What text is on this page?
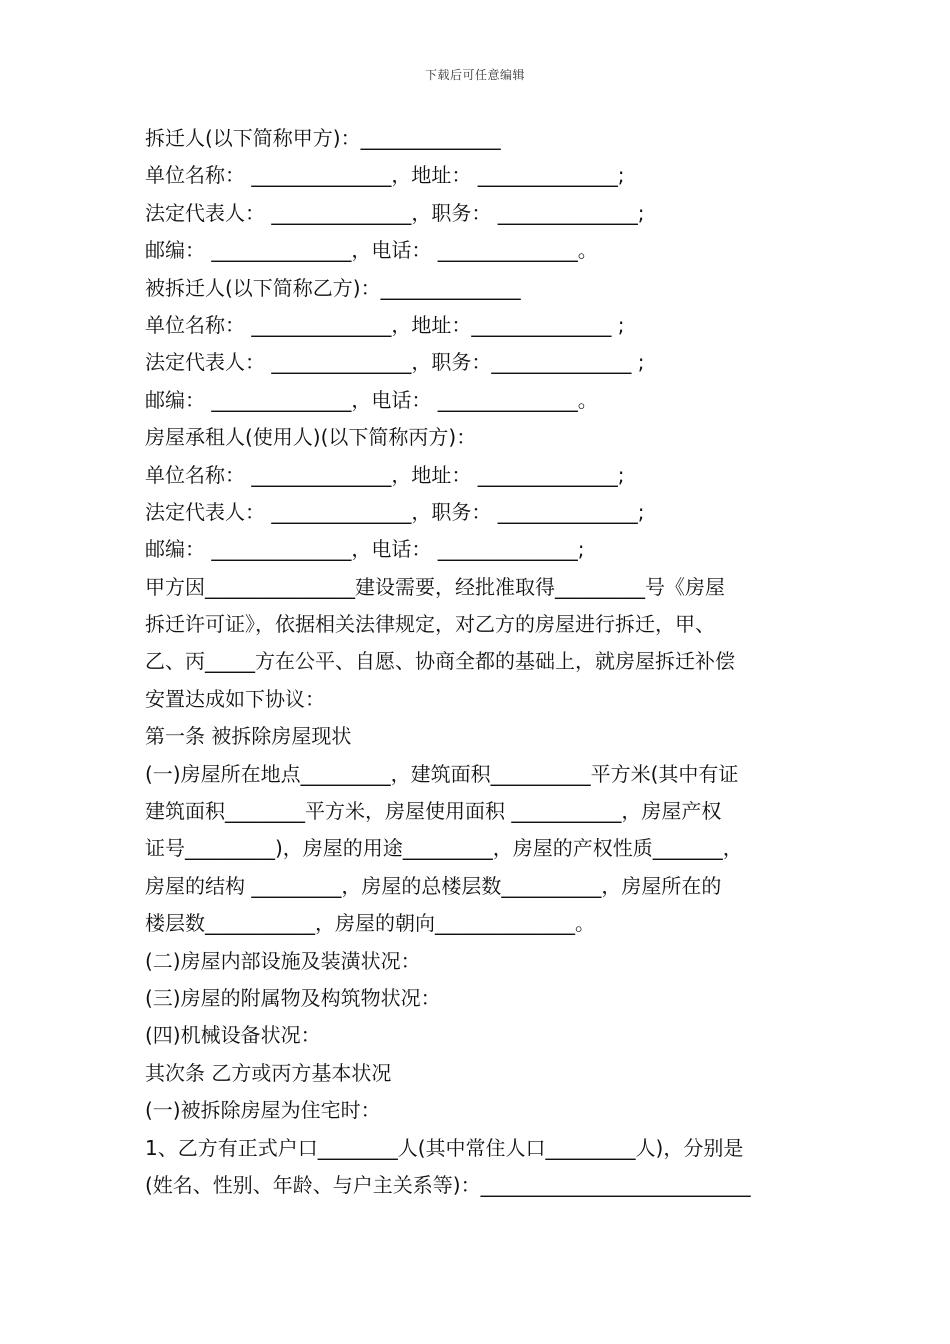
下载后可任意编辑
拆迁人(以下简称甲方)：______________
单位名称： ______________，地址： ______________;
法定代表人： ______________，职务： ______________;
邮编： ______________，电话： ______________。
被拆迁人(以下简称乙方)：______________
单位名称： ______________，地址：______________ ;
法定代表人： ______________，职务：______________ ;
邮编： ______________，电话： ______________。
房屋承租人(使用人)(以下简称丙方)：
单位名称： ______________，地址： ______________;
法定代表人： ______________，职务： ______________;
邮编： ______________，电话： ______________;
甲方因_______________建设需要，经批准取得_________号《房屋
拆迁许可证》，依据相关法律规定，对乙方的房屋进行拆迁，甲、
乙、丙_____方在公平、自愿、协商全都的基础上，就房屋拆迁补偿
安置达成如下协议：
第一条 被拆除房屋现状
(一)房屋所在地点_________，建筑面积__________平方米(其中有证
建筑面积________平方米，房屋使用面积 ___________，房屋产权
证号_________)，房屋的用途_________，房屋的产权性质_______，
房屋的结构 _________，房屋的总楼层数__________，房屋所在的
楼层数___________，房屋的朝向______________。
(二)房屋内部设施及装潢状况：
(三)房屋的附属物及构筑物状况：
(四)机械设备状况：
其次条 乙方或丙方基本状况
(一)被拆除房屋为住宅时：
1、乙方有正式户口________人(其中常住人口_________人)，分别是
(姓名、性别、年龄、与户主关系等)：___________________________
